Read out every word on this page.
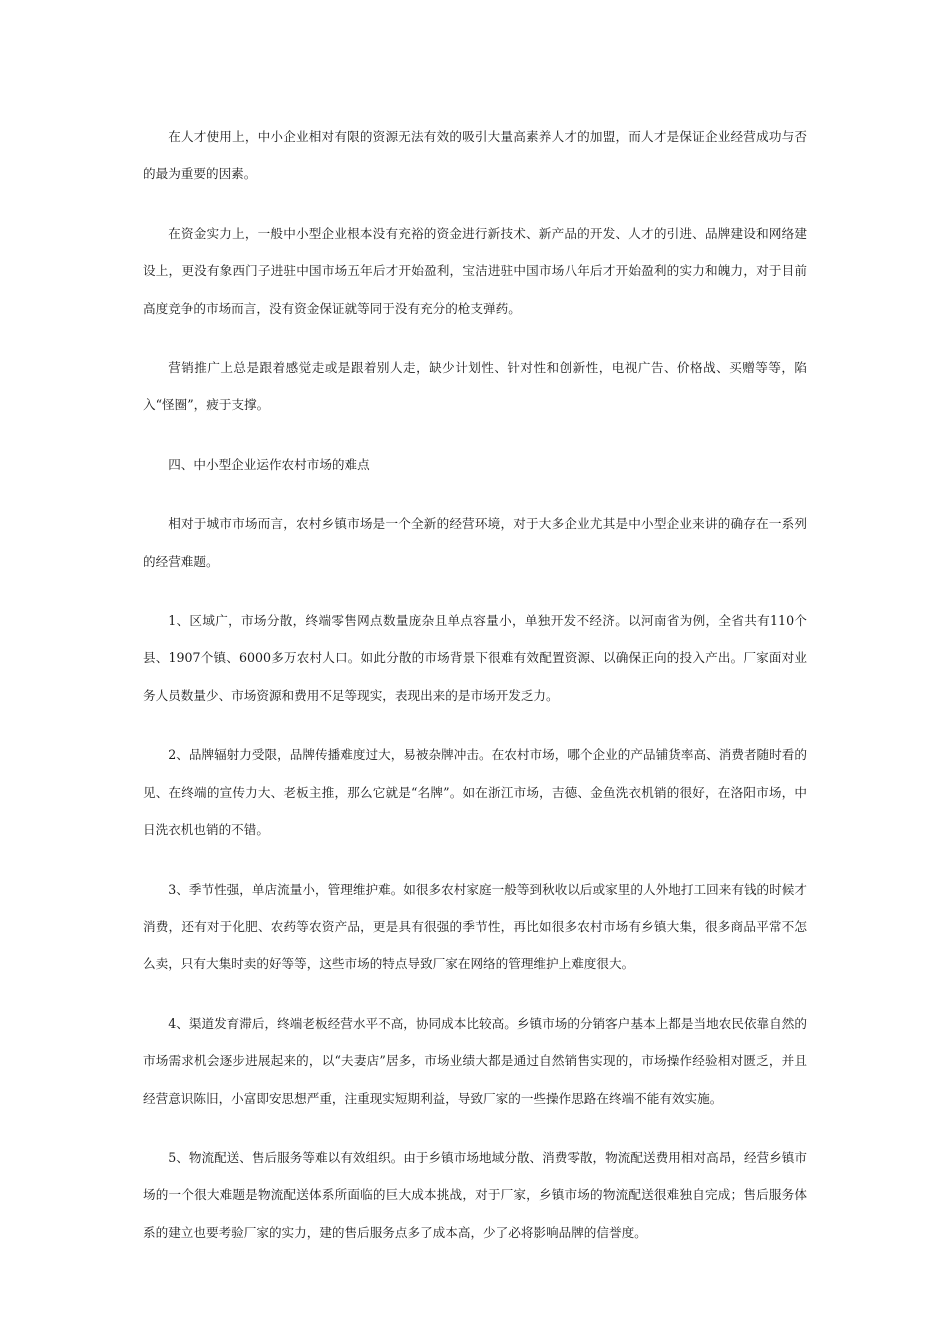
在人才使用上，中小企业相对有限的资源无法有效的吸引大量高素养人才的加盟，而人才是保证企业经营成功与否的最为重要的因素。

在资金实力上，一般中小型企业根本没有充裕的资金进行新技术、新产品的开发、人才的引进、品牌建设和网络建设上，更没有象西门子进驻中国市场五年后才开始盈利，宝洁进驻中国市场八年后才开始盈利的实力和魄力，对于目前高度竞争的市场而言，没有资金保证就等同于没有充分的枪支弹药。

营销推广上总是跟着感觉走或是跟着别人走，缺少计划性、针对性和创新性，电视广告、价格战、买赠等等，陷入“怪圈”，疲于支撑。

四、中小型企业运作农村市场的难点

相对于城市市场而言，农村乡镇市场是一个全新的经营环境，对于大多企业尤其是中小型企业来讲的确存在一系列的经营难题。

1、区域广，市场分散，终端零售网点数量庞杂且单点容量小，单独开发不经济。以河南省为例，全省共有110个县、1907个镇、6000多万农村人口。如此分散的市场背景下很难有效配置资源、以确保正向的投入产出。厂家面对业务人员数量少、市场资源和费用不足等现实，表现出来的是市场开发乏力。

2、品牌辐射力受限，品牌传播难度过大，易被杂牌冲击。在农村市场，哪个企业的产品铺货率高、消费者随时看的见、在终端的宣传力大、老板主推，那么它就是“名牌”。如在浙江市场，吉德、金鱼洗衣机销的很好，在洛阳市场，中日洗衣机也销的不错。

3、季节性强，单店流量小，管理维护难。如很多农村家庭一般等到秋收以后或家里的人外地打工回来有钱的时候才消费，还有对于化肥、农药等农资产品，更是具有很强的季节性，再比如很多农村市场有乡镇大集，很多商品平常不怎么卖，只有大集时卖的好等等，这些市场的特点导致厂家在网络的管理维护上难度很大。

4、渠道发育滞后，终端老板经营水平不高，协同成本比较高。乡镇市场的分销客户基本上都是当地农民依靠自然的市场需求机会逐步进展起来的，以“夫妻店”居多，市场业绩大都是通过自然销售实现的，市场操作经验相对匮乏，并且经营意识陈旧，小富即安思想严重，注重现实短期利益，导致厂家的一些操作思路在终端不能有效实施。

5、物流配送、售后服务等难以有效组织。由于乡镇市场地域分散、消费零散，物流配送费用相对高昂，经营乡镇市场的一个很大难题是物流配送体系所面临的巨大成本挑战，对于厂家，乡镇市场的物流配送很难独自完成；售后服务体系的建立也要考验厂家的实力，建的售后服务点多了成本高，少了必将影响品牌的信誉度。
